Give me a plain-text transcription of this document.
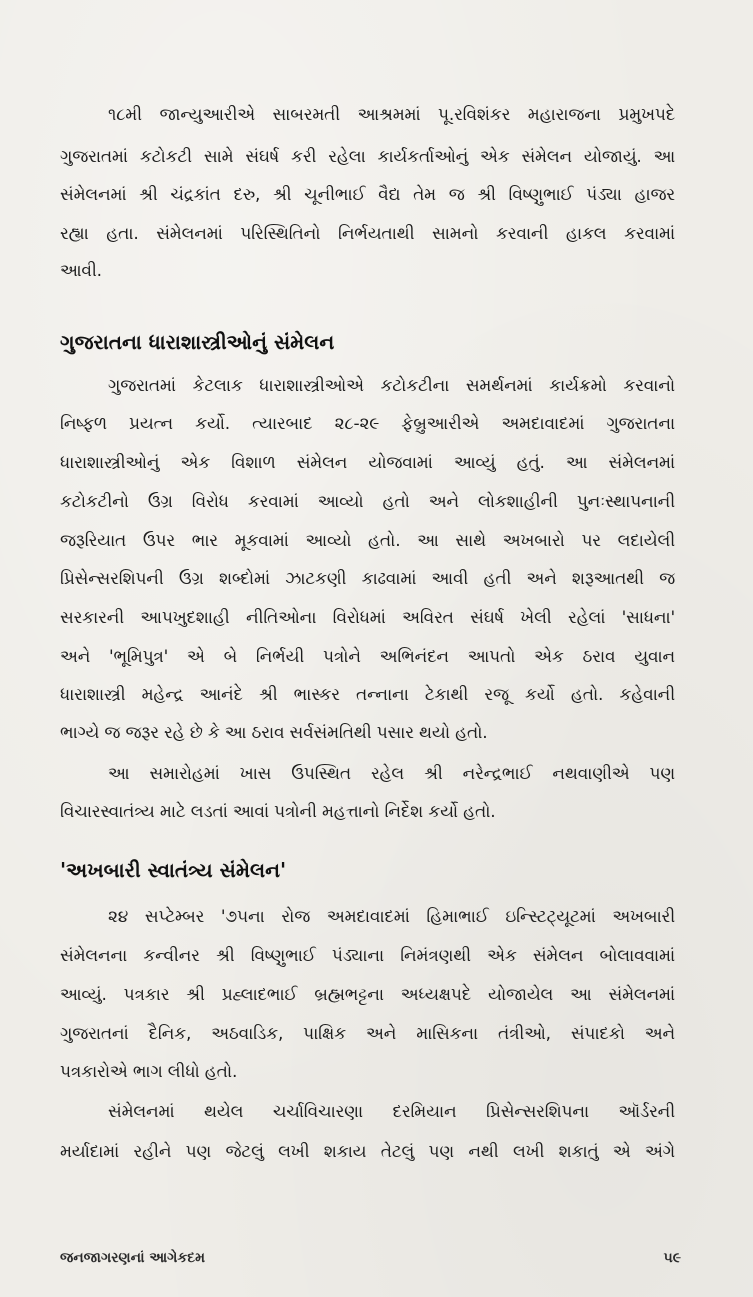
૧૮મી જાન્યુઆરીએ સાબરમતી આશ્રમમાં પૂ.રવિશંકર મહારાજના પ્રમુખપદે
ગુજરાતમાં કટોકટી સામે સંઘર્ષ કરી રહેલા કાર્યકર્તાઓનું એક સંમેલન યોજાયું. આ
સંમેલનમાં શ્રી ચંદ્રકાંત દરુ, શ્રી ચૂનીભાઈ વૈદ્ય તેમ જ શ્રી વિષ્ણુભાઈ પંડ્યા હાજર
રહ્યા હતા. સંમેલનમાં પરિસ્થિતિનો નિર્ભયતાથી સામનો કરવાની હાકલ કરવામાં
આવી.
ગુજરાતના ધારાશાસ્ત્રીઓનું સંમેલન
ગુજરાતમાં કેટલાક ધારાશાસ્ત્રીઓએ કટોકટીના સમર્થનમાં કાર્યક્રમો કરવાનો
નિષ્ફળ પ્રયત્ન કર્યો. ત્યારબાદ ૨૮-૨૯ ફેબ્રુઆરીએ અમદાવાદમાં ગુજરાતના
ધારાશાસ્ત્રીઓનું એક વિશાળ સંમેલન યોજવામાં આવ્યું હતું. આ સંમેલનમાં
કટોકટીનો ઉગ્ર વિરોધ કરવામાં આવ્યો હતો અને લોકશાહીની પુનઃસ્થાપનાની
જરૂરિયાત ઉપર ભાર મૂકવામાં આવ્યો હતો. આ સાથે અખબારો પર લદાયેલી
પ્રિસેન્સરશિપની ઉગ્ર શબ્દોમાં ઝાટકણી કાઢવામાં આવી હતી અને શરૂઆતથી જ
સરકારની આપખુદશાહી નીતિઓના વિરોધમાં અવિરત સંઘર્ષ ખેલી રહેલાં 'સાધના'
અને 'ભૂમિપુત્ર' એ બે નિર્ભયી પત્રોને અભિનંદન આપતો એક ઠરાવ યુવાન
ધારાશાસ્ત્રી મહેન્દ્ર આનંદે શ્રી ભાસ્કર તન્નાના ટેકાથી રજૂ કર્યો હતો. કહેવાની
ભાગ્યે જ જરૂર રહે છે કે આ ઠરાવ સર્વસંમતિથી પસાર થયો હતો.
આ સમારોહમાં ખાસ ઉપસ્થિત રહેલ શ્રી નરેન્દ્રભાઈ નથવાણીએ પણ
વિચારસ્વાતંત્ર્ય માટે લડતાં આવાં પત્રોની મહત્તાનો નિર્દેશ કર્યો હતો.
'અખબારી સ્વાતંત્ર્ય સંમેલન'
૨૪ સપ્ટેમ્બર '૭૫ના રોજ અમદાવાદમાં હિમાભાઈ ઇન્સ્ટિટ્યૂટમાં અખબારી
સંમેલનના કન્વીનર શ્રી વિષ્ણુભાઈ પંડ્યાના નિમંત્રણથી એક સંમેલન બોલાવવામાં
આવ્યું. પત્રકાર શ્રી પ્રહ્લાદભાઈ બ્રહ્મભટ્ટના અધ્યક્ષપદે યોજાયેલ આ સંમેલનમાં
ગુજરાતનાં દૈનિક, અઠવાડિક, પાક્ષિક અને માસિકના તંત્રીઓ, સંપાદકો અને
પત્રકારોએ ભાગ લીધો હતો.
સંમેલનમાં થયેલ ચર્ચાવિચારણા દરમિયાન પ્રિસેન્સરશિપના ઑર્ડરની
મર્યાદામાં રહીને પણ જેટલું લખી શકાય તેટલું પણ નથી લખી શકાતું એ અંગે
જનજાગરણનાં આગેકદમ	૫૯
